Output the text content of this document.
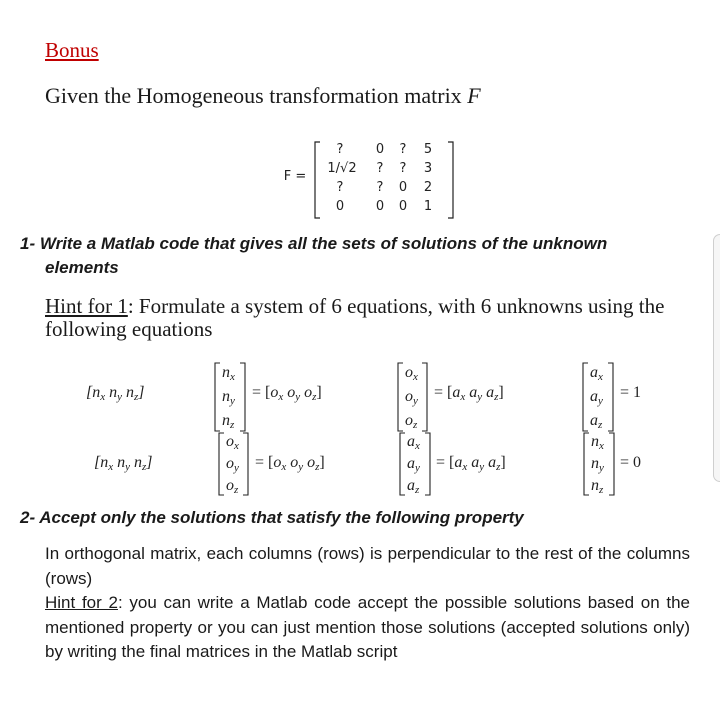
Bonus
Given the Homogeneous transformation matrix F
F =
?	0	?	5
1/√2	?	?	3
?	?	0	2
0	0	0	1
1- Write a Matlab code that gives all the sets of solutions of the unknown
elements
Hint for 1: Formulate a system of 6 equations, with 6 unknowns using the
following equations
[nx ny nz]
nx
ny
nz
= [ox oy oz]
ox
oy
oz
= [ax ay az]
ax
ay
az
= 1
[nx ny nz]
ox
oy
oz
= [ox oy oz]
ax
ay
az
= [ax ay az]
nx
ny
nz
= 0
2- Accept only the solutions that satisfy the following property
In orthogonal matrix, each columns (rows) is perpendicular to the rest of the columns (rows)
Hint for 2: you can write a Matlab code accept the possible solutions based on the mentioned property or you can just mention those solutions (accepted solutions only) by writing the final matrices in the Matlab script
